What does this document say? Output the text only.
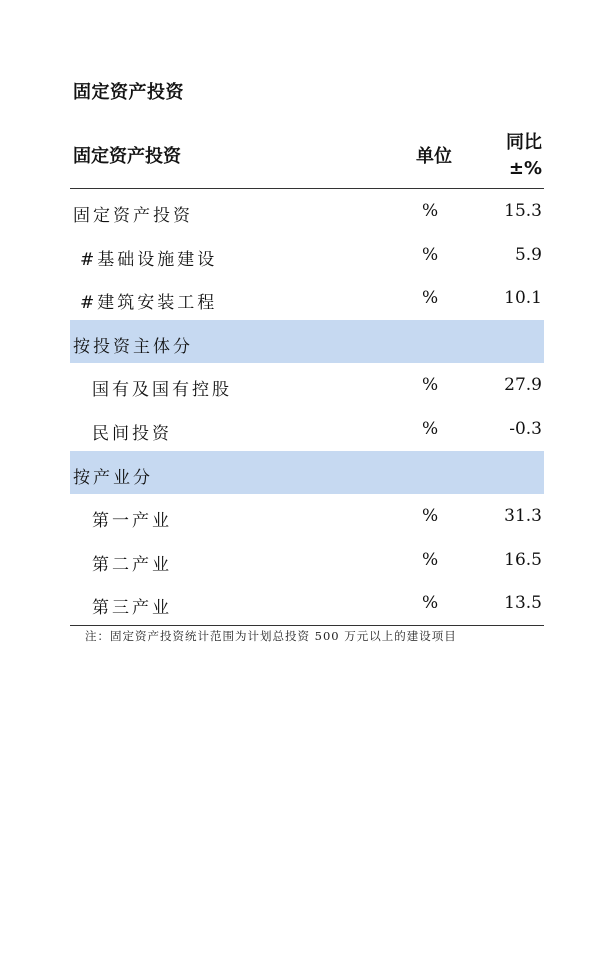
固定资产投资
固定资产投资	单位
同比
±%
固定资产投资	%	15.3
#基础设施建设	%	5.9
#建筑安装工程	%	10.1
按投资主体分
国有及国有控股	%	27.9
民间投资	%	-0.3
按产业分
第一产业	%	31.3
第二产业	%	16.5
第三产业	%	13.5
注：固定资产投资统计范围为计划总投资 500 万元以上的建设项目
